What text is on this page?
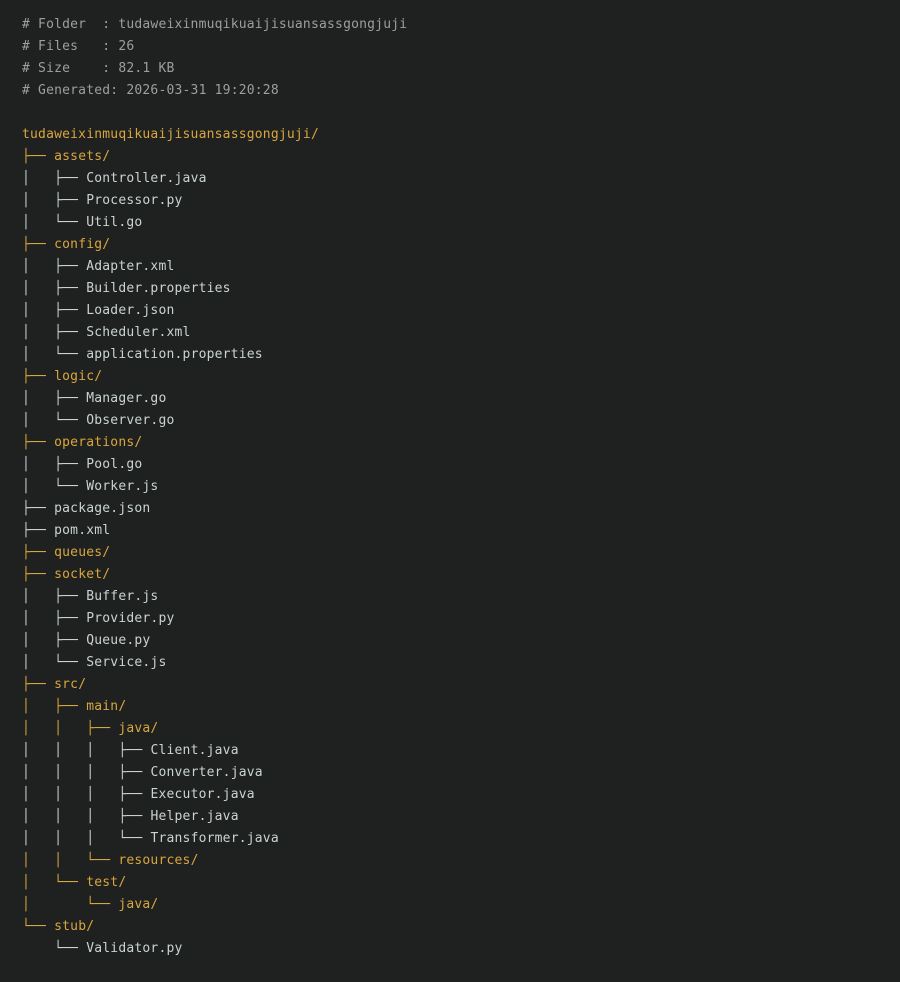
# Folder  : tudaweixinmuqikuaijisuansassgongjuji
# Files   : 26
# Size    : 82.1 KB
# Generated: 2026-03-31 19:20:28
tudaweixinmuqikuaijisuansassgongjuji/
├── assets/
│   ├── Controller.java
│   ├── Processor.py
│   └── Util.go
├── config/
│   ├── Adapter.xml
│   ├── Builder.properties
│   ├── Loader.json
│   ├── Scheduler.xml
│   └── application.properties
├── logic/
│   ├── Manager.go
│   └── Observer.go
├── operations/
│   ├── Pool.go
│   └── Worker.js
├── package.json
├── pom.xml
├── queues/
├── socket/
│   ├── Buffer.js
│   ├── Provider.py
│   ├── Queue.py
│   └── Service.js
├── src/
│   ├── main/
│   │   ├── java/
│   │   │   ├── Client.java
│   │   │   ├── Converter.java
│   │   │   ├── Executor.java
│   │   │   ├── Helper.java
│   │   │   └── Transformer.java
│   │   └── resources/
│   └── test/
│       └── java/
└── stub/
└── Validator.py
